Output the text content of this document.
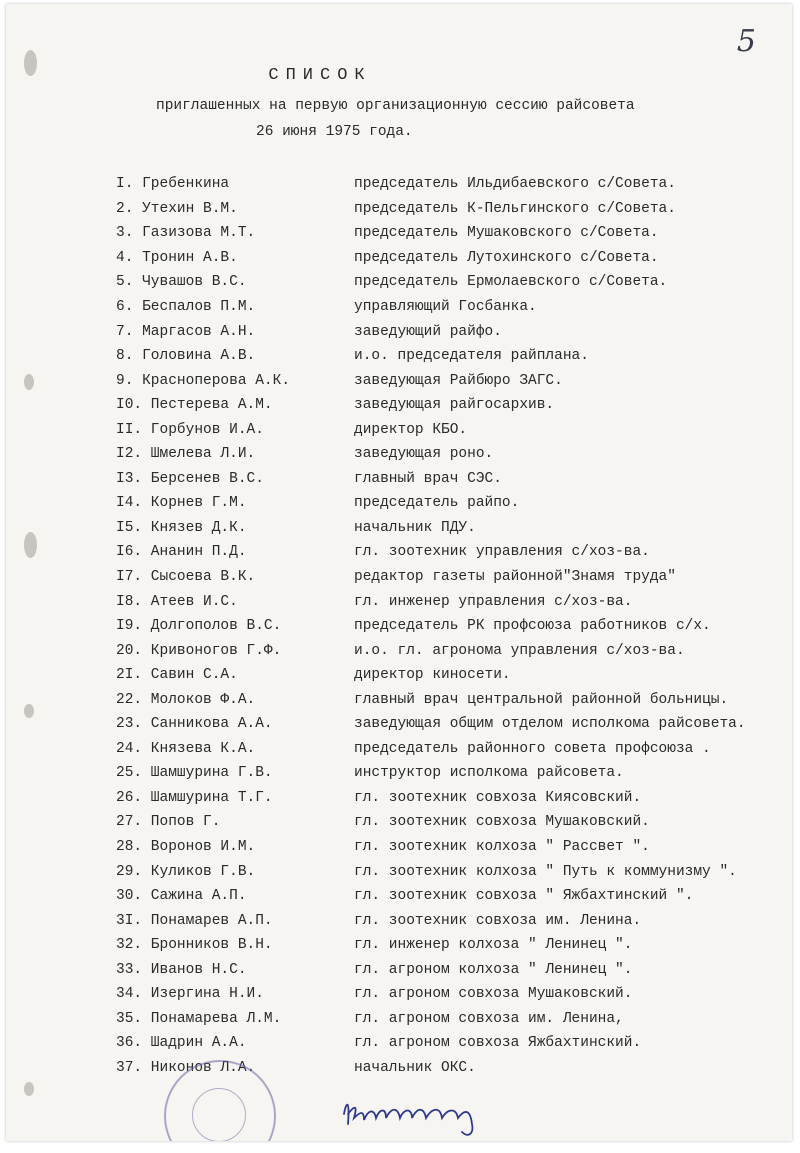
5
СПИСОК
приглашенных на первую организационную сессию райсовета
26 июня 1975 года.
I. Гребенкина	председатель Ильдибаевского с/Совета.
2. Утехин В.М.	председатель К-Пельгинского с/Совета.
3. Газизова М.Т.	председатель Мушаковского с/Совета.
4. Тронин А.В.	председатель Лутохинского с/Совета.
5. Чувашов В.С.	председатель Ермолаевского с/Совета.
6. Беспалов П.М.	управляющий Госбанка.
7. Маргасов А.Н.	заведующий райфо.
8. Головина А.В.	и.о. председателя райплана.
9. Красноперова А.К.	заведующая Райбюро ЗАГС.
I0. Пестерева А.М.	заведующая райгосархив.
II. Горбунов И.А.	директор КБО.
I2. Шмелева Л.И.	заведующая роно.
I3. Берсенев В.С.	главный врач СЭС.
I4. Корнев Г.М.	председатель райпо.
I5. Князев Д.К.	начальник ПДУ.
I6. Ананин П.Д.	гл. зоотехник управления с/хоз-ва.
I7. Сысоева В.К.	редактор газеты районной"Знамя труда"
I8. Атеев И.С.	гл. инженер управления с/хоз-ва.
I9. Долгополов В.С.	председатель РК профсоюза работников с/х.
20. Кривоногов Г.Ф.	и.о. гл. агронома управления с/хоз-ва.
2I. Савин С.А.	директор киносети.
22. Молоков Ф.А.	главный врач центральной районной больницы.
23. Санникова А.А.	заведующая общим отделом исполкома райсовета.
24. Князева К.А.	председатель районного совета профсоюза .
25. Шамшурина Г.В.	инструктор исполкома райсовета.
26. Шамшурина Т.Г.	гл. зоотехник совхоза Киясовский.
27. Попов Г.	гл. зоотехник совхоза Мушаковский.
28. Воронов И.М.	гл. зоотехник колхоза " Рассвет ".
29. Куликов Г.В.	гл. зоотехник колхоза " Путь к коммунизму ".
30. Сажина А.П.	гл. зоотехник совхоза " Яжбахтинский ".
3I. Понамарев А.П.	гл. зоотехник совхоза им. Ленина.
32. Бронников В.Н.	гл. инженер колхоза " Ленинец ".
33. Иванов Н.С.	гл. агроном колхоза " Ленинец ".
34. Изергина Н.И.	гл. агроном совхоза Мушаковский.
35. Понамарева Л.М.	гл. агроном совхоза им. Ленина,
36. Шадрин А.А.	гл. агроном совхоза Яжбахтинский.
37. Никонов Л.А.	начальник ОКС.
